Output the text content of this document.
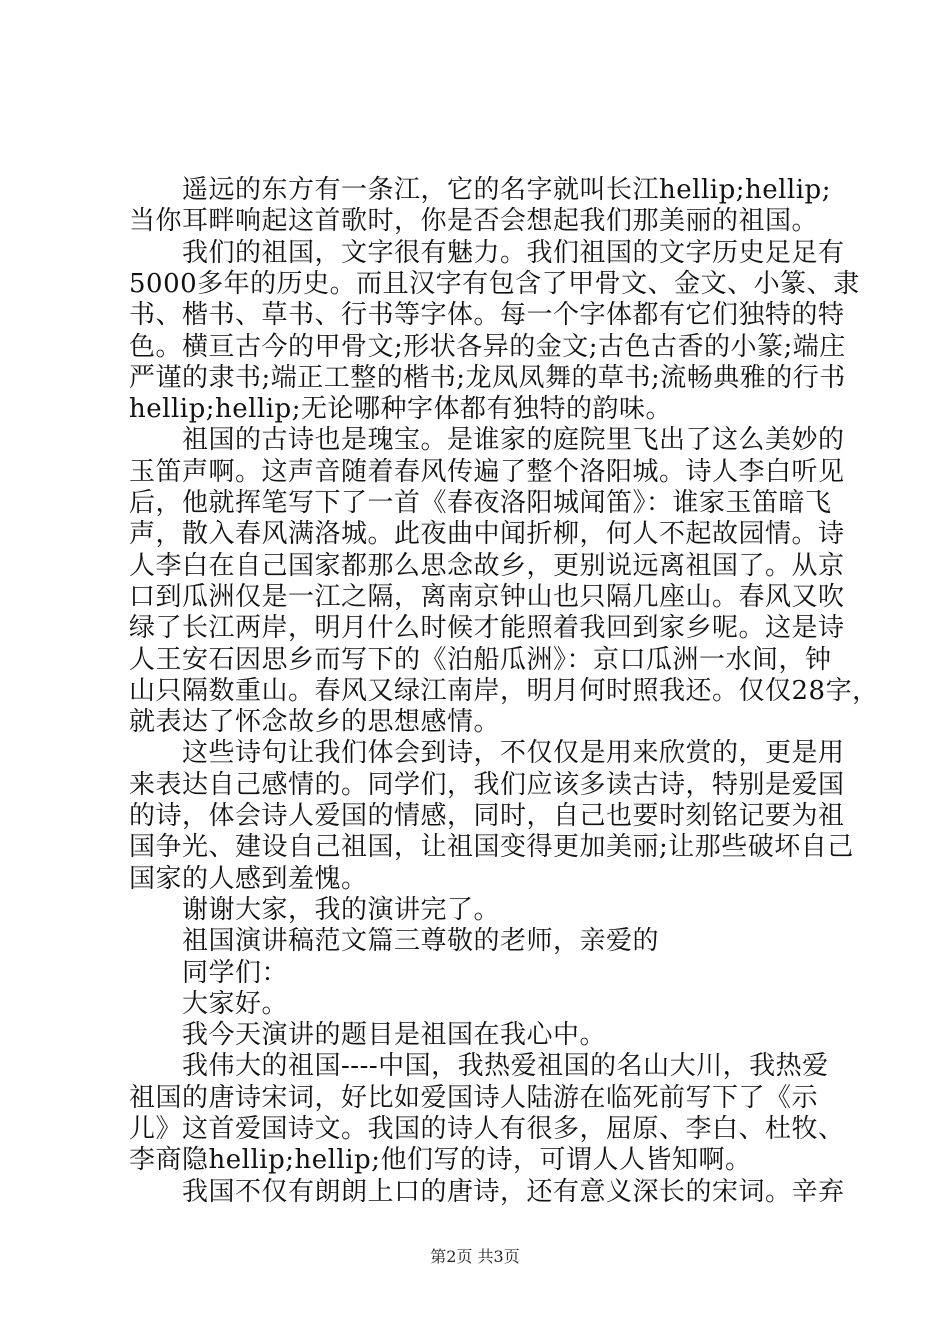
第2页 共3页
遥远的东方有一条江，它的名字就叫长江hellip;hellip;
当你耳畔响起这首歌时，你是否会想起我们那美丽的祖国。
我们的祖国，文字很有魅力。我们祖国的文字历史足足有
5000多年的历史。而且汉字有包含了甲骨文、金文、小篆、隶
书、楷书、草书、行书等字体。每一个字体都有它们独特的特
色。横亘古今的甲骨文;形状各异的金文;古色古香的小篆;端庄
严谨的隶书;端正工整的楷书;龙凤凤舞的草书;流畅典雅的行书
hellip;hellip;无论哪种字体都有独特的韵味。
祖国的古诗也是瑰宝。是谁家的庭院里飞出了这么美妙的
玉笛声啊。这声音随着春风传遍了整个洛阳城。诗人李白听见
后，他就挥笔写下了一首《春夜洛阳城闻笛》：谁家玉笛暗飞
声，散入春风满洛城。此夜曲中闻折柳，何人不起故园情。诗
人李白在自己国家都那么思念故乡，更别说远离祖国了。从京
口到瓜洲仅是一江之隔，离南京钟山也只隔几座山。春风又吹
绿了长江两岸，明月什么时候才能照着我回到家乡呢。这是诗
人王安石因思乡而写下的《泊船瓜洲》：京口瓜洲一水间，钟
山只隔数重山。春风又绿江南岸，明月何时照我还。仅仅28字，
就表达了怀念故乡的思想感情。
这些诗句让我们体会到诗，不仅仅是用来欣赏的，更是用
来表达自己感情的。同学们，我们应该多读古诗，特别是爱国
的诗，体会诗人爱国的情感，同时，自己也要时刻铭记要为祖
国争光、建设自己祖国，让祖国变得更加美丽;让那些破坏自己
国家的人感到羞愧。
谢谢大家，我的演讲完了。
祖国演讲稿范文篇三尊敬的老师，亲爱的
同学们：
大家好。
我今天演讲的题目是祖国在我心中。
我伟大的祖国----中国，我热爱祖国的名山大川，我热爱
祖国的唐诗宋词，好比如爱国诗人陆游在临死前写下了《示
儿》这首爱国诗文。我国的诗人有很多，屈原、李白、杜牧、
李商隐hellip;hellip;他们写的诗，可谓人人皆知啊。
我国不仅有朗朗上口的唐诗，还有意义深长的宋词。辛弃
